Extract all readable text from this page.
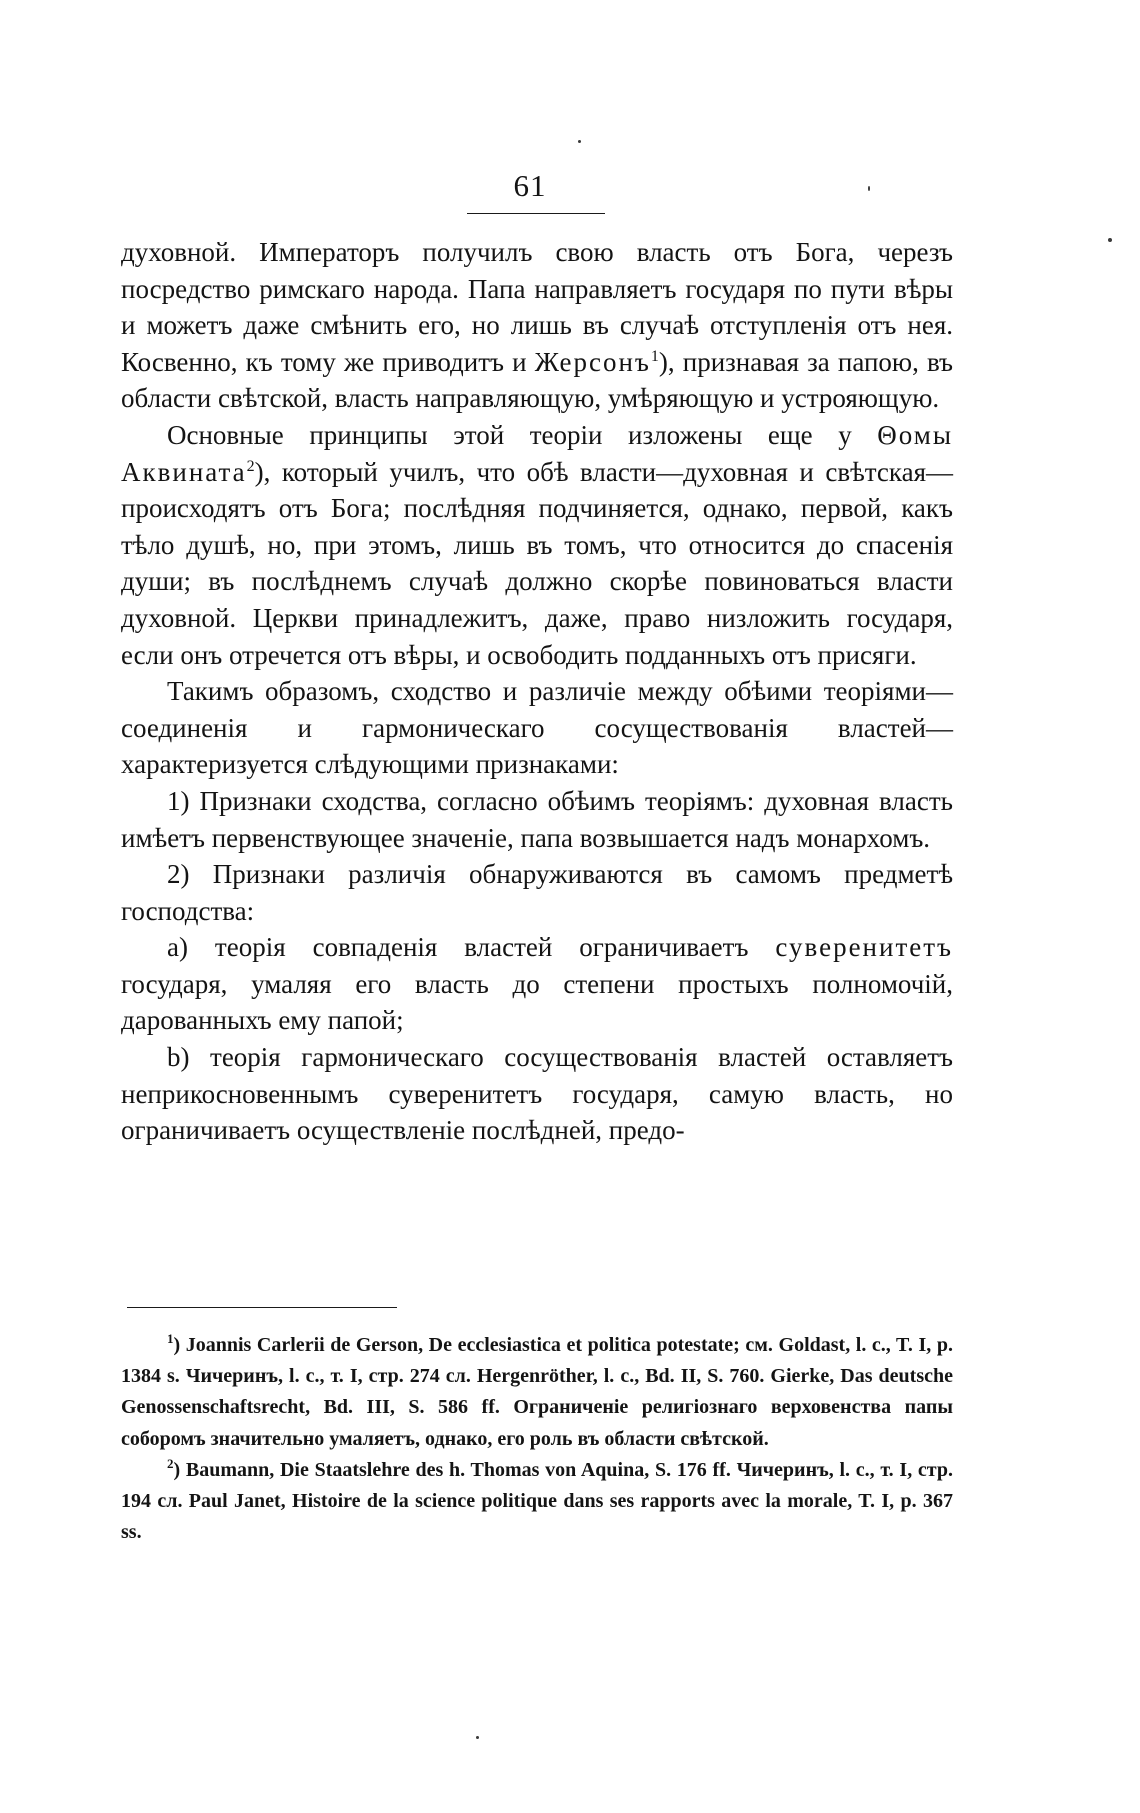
61

духовной. Императоръ получилъ свою власть отъ Бога, черезъ посредство римскаго народа. Папа направляетъ государя по пути вѣры и можетъ даже смѣнить его, но лишь въ случаѣ отступленія отъ нея. Косвенно, къ тому же приводитъ и Жерсонъ$^1$), признавая за папою, въ области свѣтской, власть направляющую, умѣряющую и устрояющую.

Основные принципы этой теоріи изложены еще у Θомы Аквината$^2$), который училъ, что обѣ власти—духовная и свѣтская—происходятъ отъ Бога; послѣдняя подчиняется, однако, первой, какъ тѣло душѣ, но, при этомъ, лишь въ томъ, что относится до спасенія души; въ послѣднемъ случаѣ должно скорѣе повиноваться власти духовной. Церкви принадлежитъ, даже, право низложить государя, если онъ отречется отъ вѣры, и освободить подданныхъ отъ присяги.

Такимъ образомъ, сходство и различіе между обѣими теоріями—соединенія и гармоническаго сосуществованія властей—характеризуется слѣдующими признаками:

1) Признаки сходства, согласно обѣимъ теоріямъ: духовная власть имѣетъ первенствующее значеніе, папа возвышается надъ монархомъ.

2) Признаки различія обнаруживаются въ самомъ предметѣ господства:

a) теорія совпаденія властей ограничиваетъ суверенитетъ государя, умаляя его власть до степени простыхъ полномочій, дарованныхъ ему папой;

b) теорія гармоническаго сосуществованія властей оставляетъ неприкосновеннымъ суверенитетъ государя, самую власть, но ограничиваетъ осуществленіе послѣдней, предо-

$^1$) Joannis Carlerii de Gerson, De ecclesiastica et politica potestate; см. Goldast, l. c., T. I, p. 1384 s. Чичеринъ, l. c., т. I, стр. 274 сл. Hergenröther, l. c., Bd. II, S. 760. Gierke, Das deutsche Genossenschaftsrecht, Bd. III, S. 586 ff. Ограниченіе религіознаго верховенства папы соборомъ значительно умаляетъ, однако, его роль въ области свѣтской.

$^2$) Baumann, Die Staatslehre des h. Thomas von Aquina, S. 176 ff. Чичеринъ, l. c., т. I, стр. 194 сл. Paul Janet, Histoire de la science politique dans ses rapports avec la morale, T. I, p. 367 ss.
